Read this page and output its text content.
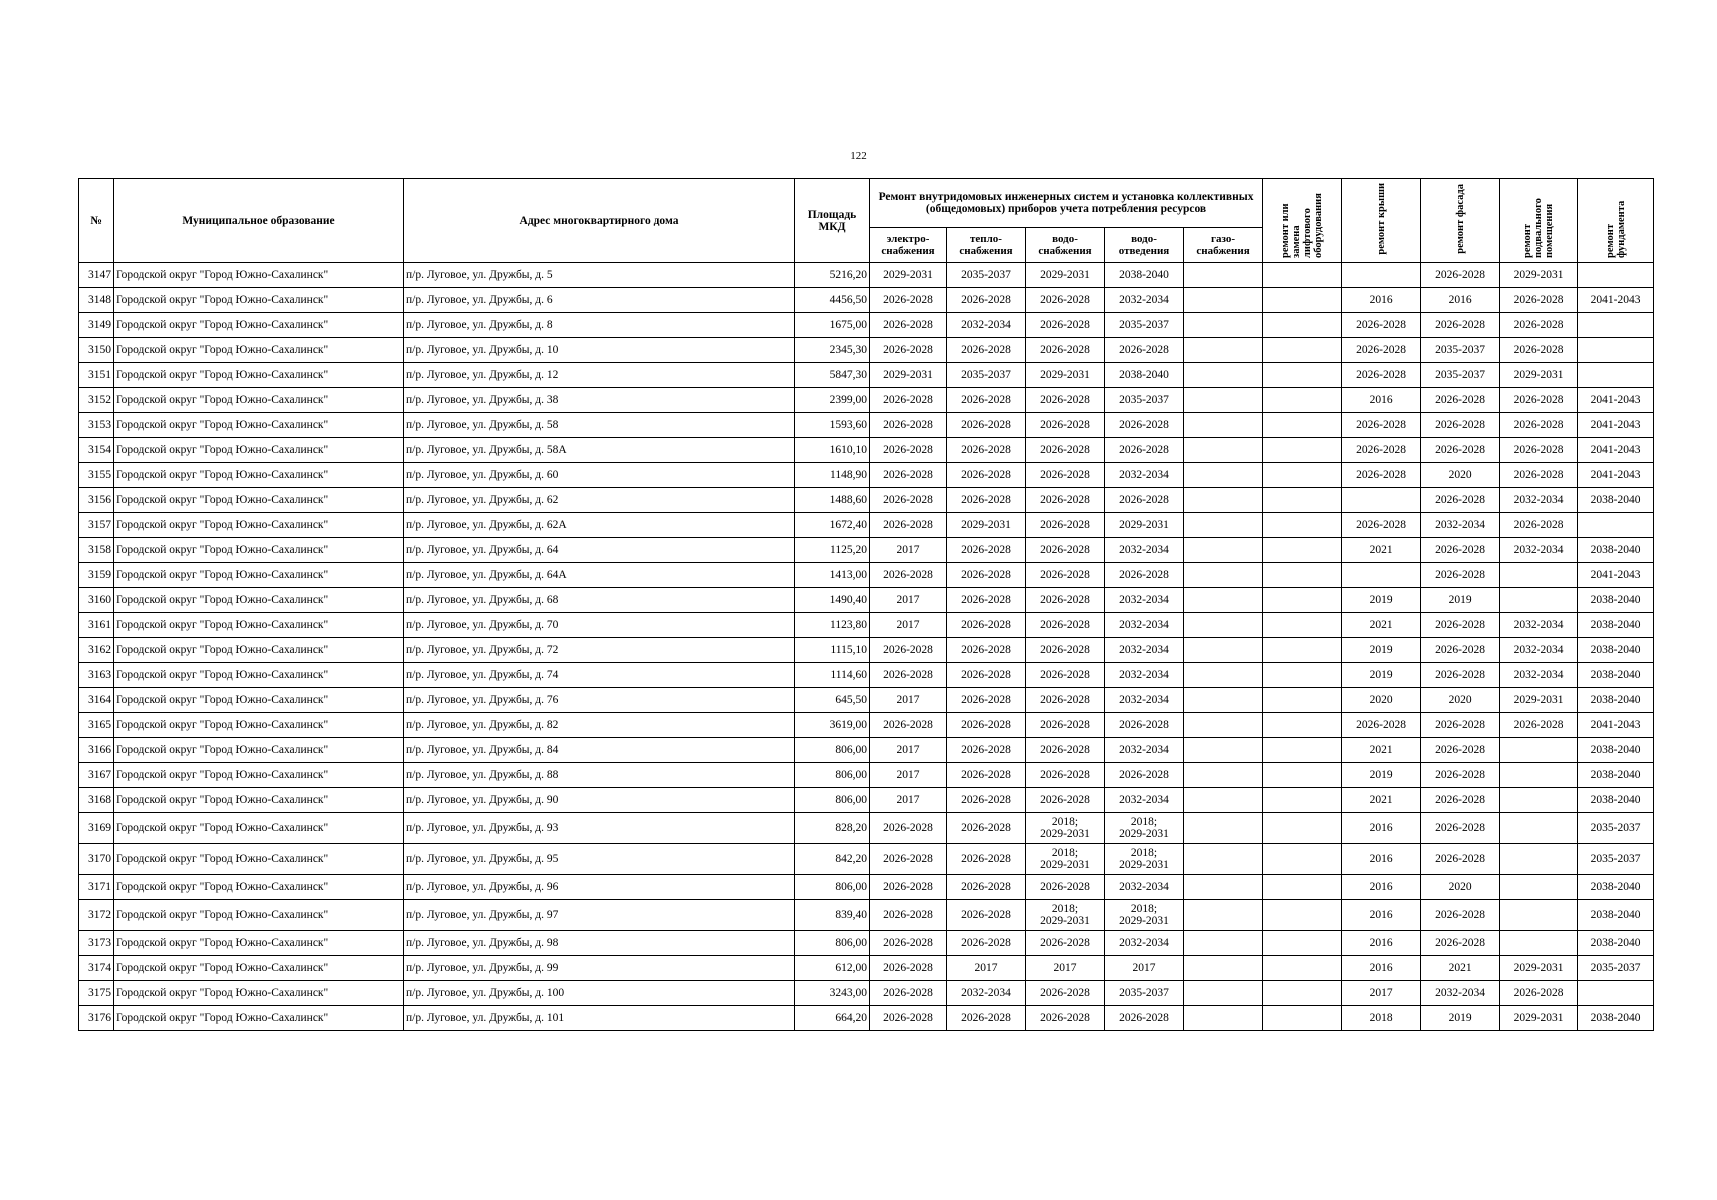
122
№	Муниципальное образование	Адрес многоквартирного дома	Площадь МКД	Ремонт внутридомовых инженерных систем и установка коллективных (общедомовых) приборов учета потребления ресурсов					ремонт или замена лифтового оборудования	ремонт крыши	ремонт фасада	ремонт подвального помещения	ремонт фундамента
				электро-снабжения	тепло-снабжения	водо-снабжения	водо-отведения	газо-снабжения					
3147	Городской округ "Город Южно-Сахалинск"	п/р. Луговое, ул. Дружбы, д. 5	5216,20	2029-2031	2035-2037	2029-2031	2038-2040				2026-2028	2029-2031	
3148	Городской округ "Город Южно-Сахалинск"	п/р. Луговое, ул. Дружбы, д. 6	4456,50	2026-2028	2026-2028	2026-2028	2032-2034			2016	2016	2026-2028	2041-2043
3149	Городской округ "Город Южно-Сахалинск"	п/р. Луговое, ул. Дружбы, д. 8	1675,00	2026-2028	2032-2034	2026-2028	2035-2037			2026-2028	2026-2028	2026-2028	
3150	Городской округ "Город Южно-Сахалинск"	п/р. Луговое, ул. Дружбы, д. 10	2345,30	2026-2028	2026-2028	2026-2028	2026-2028			2026-2028	2035-2037	2026-2028	
3151	Городской округ "Город Южно-Сахалинск"	п/р. Луговое, ул. Дружбы, д. 12	5847,30	2029-2031	2035-2037	2029-2031	2038-2040			2026-2028	2035-2037	2029-2031	
3152	Городской округ "Город Южно-Сахалинск"	п/р. Луговое, ул. Дружбы, д. 38	2399,00	2026-2028	2026-2028	2026-2028	2035-2037			2016	2026-2028	2026-2028	2041-2043
3153	Городской округ "Город Южно-Сахалинск"	п/р. Луговое, ул. Дружбы, д. 58	1593,60	2026-2028	2026-2028	2026-2028	2026-2028			2026-2028	2026-2028	2026-2028	2041-2043
3154	Городской округ "Город Южно-Сахалинск"	п/р. Луговое, ул. Дружбы, д. 58А	1610,10	2026-2028	2026-2028	2026-2028	2026-2028			2026-2028	2026-2028	2026-2028	2041-2043
3155	Городской округ "Город Южно-Сахалинск"	п/р. Луговое, ул. Дружбы, д. 60	1148,90	2026-2028	2026-2028	2026-2028	2032-2034			2026-2028	2020	2026-2028	2041-2043
3156	Городской округ "Город Южно-Сахалинск"	п/р. Луговое, ул. Дружбы, д. 62	1488,60	2026-2028	2026-2028	2026-2028	2026-2028				2026-2028	2032-2034	2038-2040
3157	Городской округ "Город Южно-Сахалинск"	п/р. Луговое, ул. Дружбы, д. 62А	1672,40	2026-2028	2029-2031	2026-2028	2029-2031			2026-2028	2032-2034	2026-2028	
3158	Городской округ "Город Южно-Сахалинск"	п/р. Луговое, ул. Дружбы, д. 64	1125,20	2017	2026-2028	2026-2028	2032-2034			2021	2026-2028	2032-2034	2038-2040
3159	Городской округ "Город Южно-Сахалинск"	п/р. Луговое, ул. Дружбы, д. 64А	1413,00	2026-2028	2026-2028	2026-2028	2026-2028				2026-2028		2041-2043
3160	Городской округ "Город Южно-Сахалинск"	п/р. Луговое, ул. Дружбы, д. 68	1490,40	2017	2026-2028	2026-2028	2032-2034			2019	2019		2038-2040
3161	Городской округ "Город Южно-Сахалинск"	п/р. Луговое, ул. Дружбы, д. 70	1123,80	2017	2026-2028	2026-2028	2032-2034			2021	2026-2028	2032-2034	2038-2040
3162	Городской округ "Город Южно-Сахалинск"	п/р. Луговое, ул. Дружбы, д. 72	1115,10	2026-2028	2026-2028	2026-2028	2032-2034			2019	2026-2028	2032-2034	2038-2040
3163	Городской округ "Город Южно-Сахалинск"	п/р. Луговое, ул. Дружбы, д. 74	1114,60	2026-2028	2026-2028	2026-2028	2032-2034			2019	2026-2028	2032-2034	2038-2040
3164	Городской округ "Город Южно-Сахалинск"	п/р. Луговое, ул. Дружбы, д. 76	645,50	2017	2026-2028	2026-2028	2032-2034			2020	2020	2029-2031	2038-2040
3165	Городской округ "Город Южно-Сахалинск"	п/р. Луговое, ул. Дружбы, д. 82	3619,00	2026-2028	2026-2028	2026-2028	2026-2028			2026-2028	2026-2028	2026-2028	2041-2043
3166	Городской округ "Город Южно-Сахалинск"	п/р. Луговое, ул. Дружбы, д. 84	806,00	2017	2026-2028	2026-2028	2032-2034			2021	2026-2028		2038-2040
3167	Городской округ "Город Южно-Сахалинск"	п/р. Луговое, ул. Дружбы, д. 88	806,00	2017	2026-2028	2026-2028	2026-2028			2019	2026-2028		2038-2040
3168	Городской округ "Город Южно-Сахалинск"	п/р. Луговое, ул. Дружбы, д. 90	806,00	2017	2026-2028	2026-2028	2032-2034			2021	2026-2028		2038-2040
3169	Городской округ "Город Южно-Сахалинск"	п/р. Луговое, ул. Дружбы, д. 93	828,20	2026-2028	2026-2028	2018;
2029-2031	2018;
2029-2031			2016	2026-2028		2035-2037
3170	Городской округ "Город Южно-Сахалинск"	п/р. Луговое, ул. Дружбы, д. 95	842,20	2026-2028	2026-2028	2018;
2029-2031	2018;
2029-2031			2016	2026-2028		2035-2037
3171	Городской округ "Город Южно-Сахалинск"	п/р. Луговое, ул. Дружбы, д. 96	806,00	2026-2028	2026-2028	2026-2028	2032-2034			2016	2020		2038-2040
3172	Городской округ "Город Южно-Сахалинск"	п/р. Луговое, ул. Дружбы, д. 97	839,40	2026-2028	2026-2028	2018;
2029-2031	2018;
2029-2031			2016	2026-2028		2038-2040
3173	Городской округ "Город Южно-Сахалинск"	п/р. Луговое, ул. Дружбы, д. 98	806,00	2026-2028	2026-2028	2026-2028	2032-2034			2016	2026-2028		2038-2040
3174	Городской округ "Город Южно-Сахалинск"	п/р. Луговое, ул. Дружбы, д. 99	612,00	2026-2028	2017	2017	2017			2016	2021	2029-2031	2035-2037
3175	Городской округ "Город Южно-Сахалинск"	п/р. Луговое, ул. Дружбы, д. 100	3243,00	2026-2028	2032-2034	2026-2028	2035-2037			2017	2032-2034	2026-2028	
3176	Городской округ "Город Южно-Сахалинск"	п/р. Луговое, ул. Дружбы, д. 101	664,20	2026-2028	2026-2028	2026-2028	2026-2028			2018	2019	2029-2031	2038-2040
